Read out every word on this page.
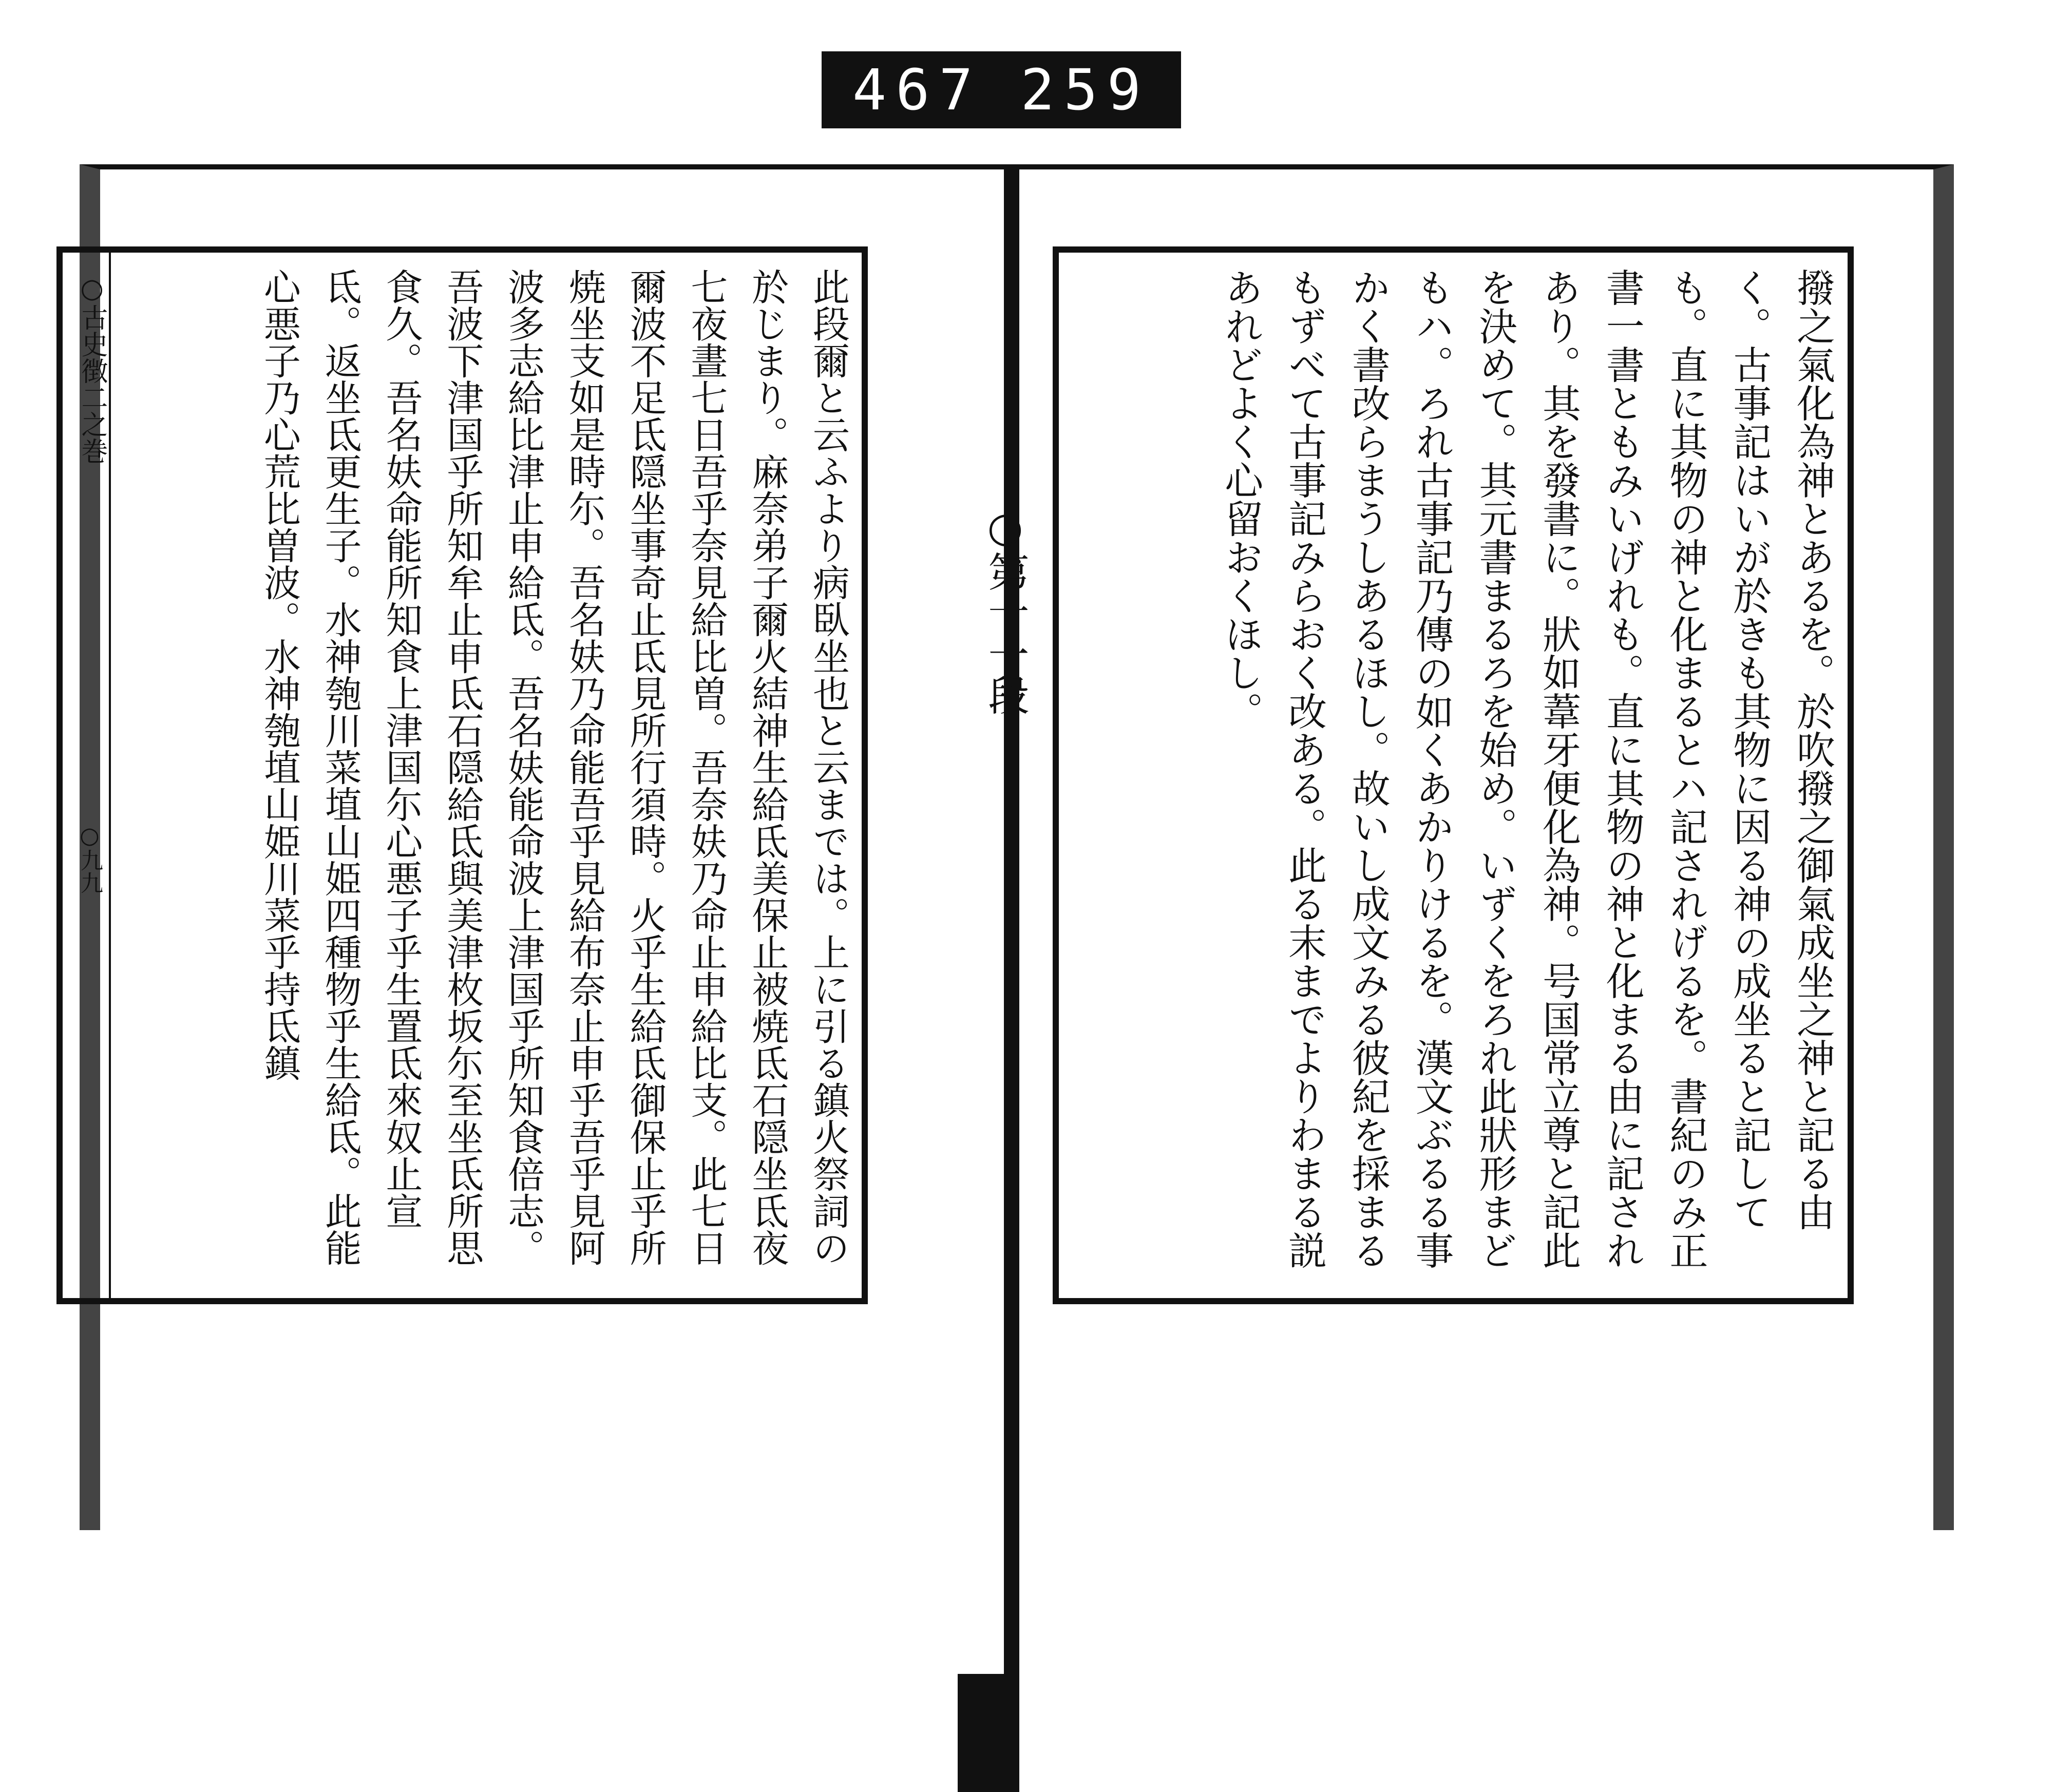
467 259
○古史徴二之巻
○九九	此段爾と云ふより病臥坐也と云までは。上に引る鎮火祭詞の於じまり。麻奈弟子爾火結神生給氐美保止被焼氐石隠坐氐夜七夜晝七日吾乎奈見給比曽。吾奈妋乃命止申給比支。此七日爾波不足氐隠坐事奇止氐見所行須時。火乎生給氐御保止乎所焼坐支如是時尓。吾名妋乃命能吾乎見給布奈止申乎吾乎見阿波多志給比津止申給氐。吾名妋能命波上津国乎所知食倍志。吾波下津国乎所知牟止申氐石隠給氐與美津枚坂尓至坐氐所思食久。吾名妋命能所知食上津国尓心悪子乎生置氐來奴止宣氐。返坐氐更生子。水神匏川菜埴山姫四種物乎生給氐。此能心悪子乃心荒比曽波。水神匏埴山姫川菜乎持氐鎮	撥之氣化為神とあるを。於吹撥之御氣成坐之神と記る由く。古事記はいが於きも其物に因る神の成坐ると記しても。直に其物の神と化まるとハ記されげるを。書紀のみ正書一書ともみいげれも。直に其物の神と化まる由に記されあり。其を發書に。狀如葦牙便化為神。号国常立尊と記此を決めて。其元書まるろを始め。いずくをろれ此狀形まどもハ。ろれ古事記乃傳の如くあかりけるを。漢文ぶるる事かく書改らまうしあるほし。故いし成文みる彼紀を採まるもずべて古事記みらおく改ある。此る末までよりわまる説あれどよく心留おくほし。
○第十一段
